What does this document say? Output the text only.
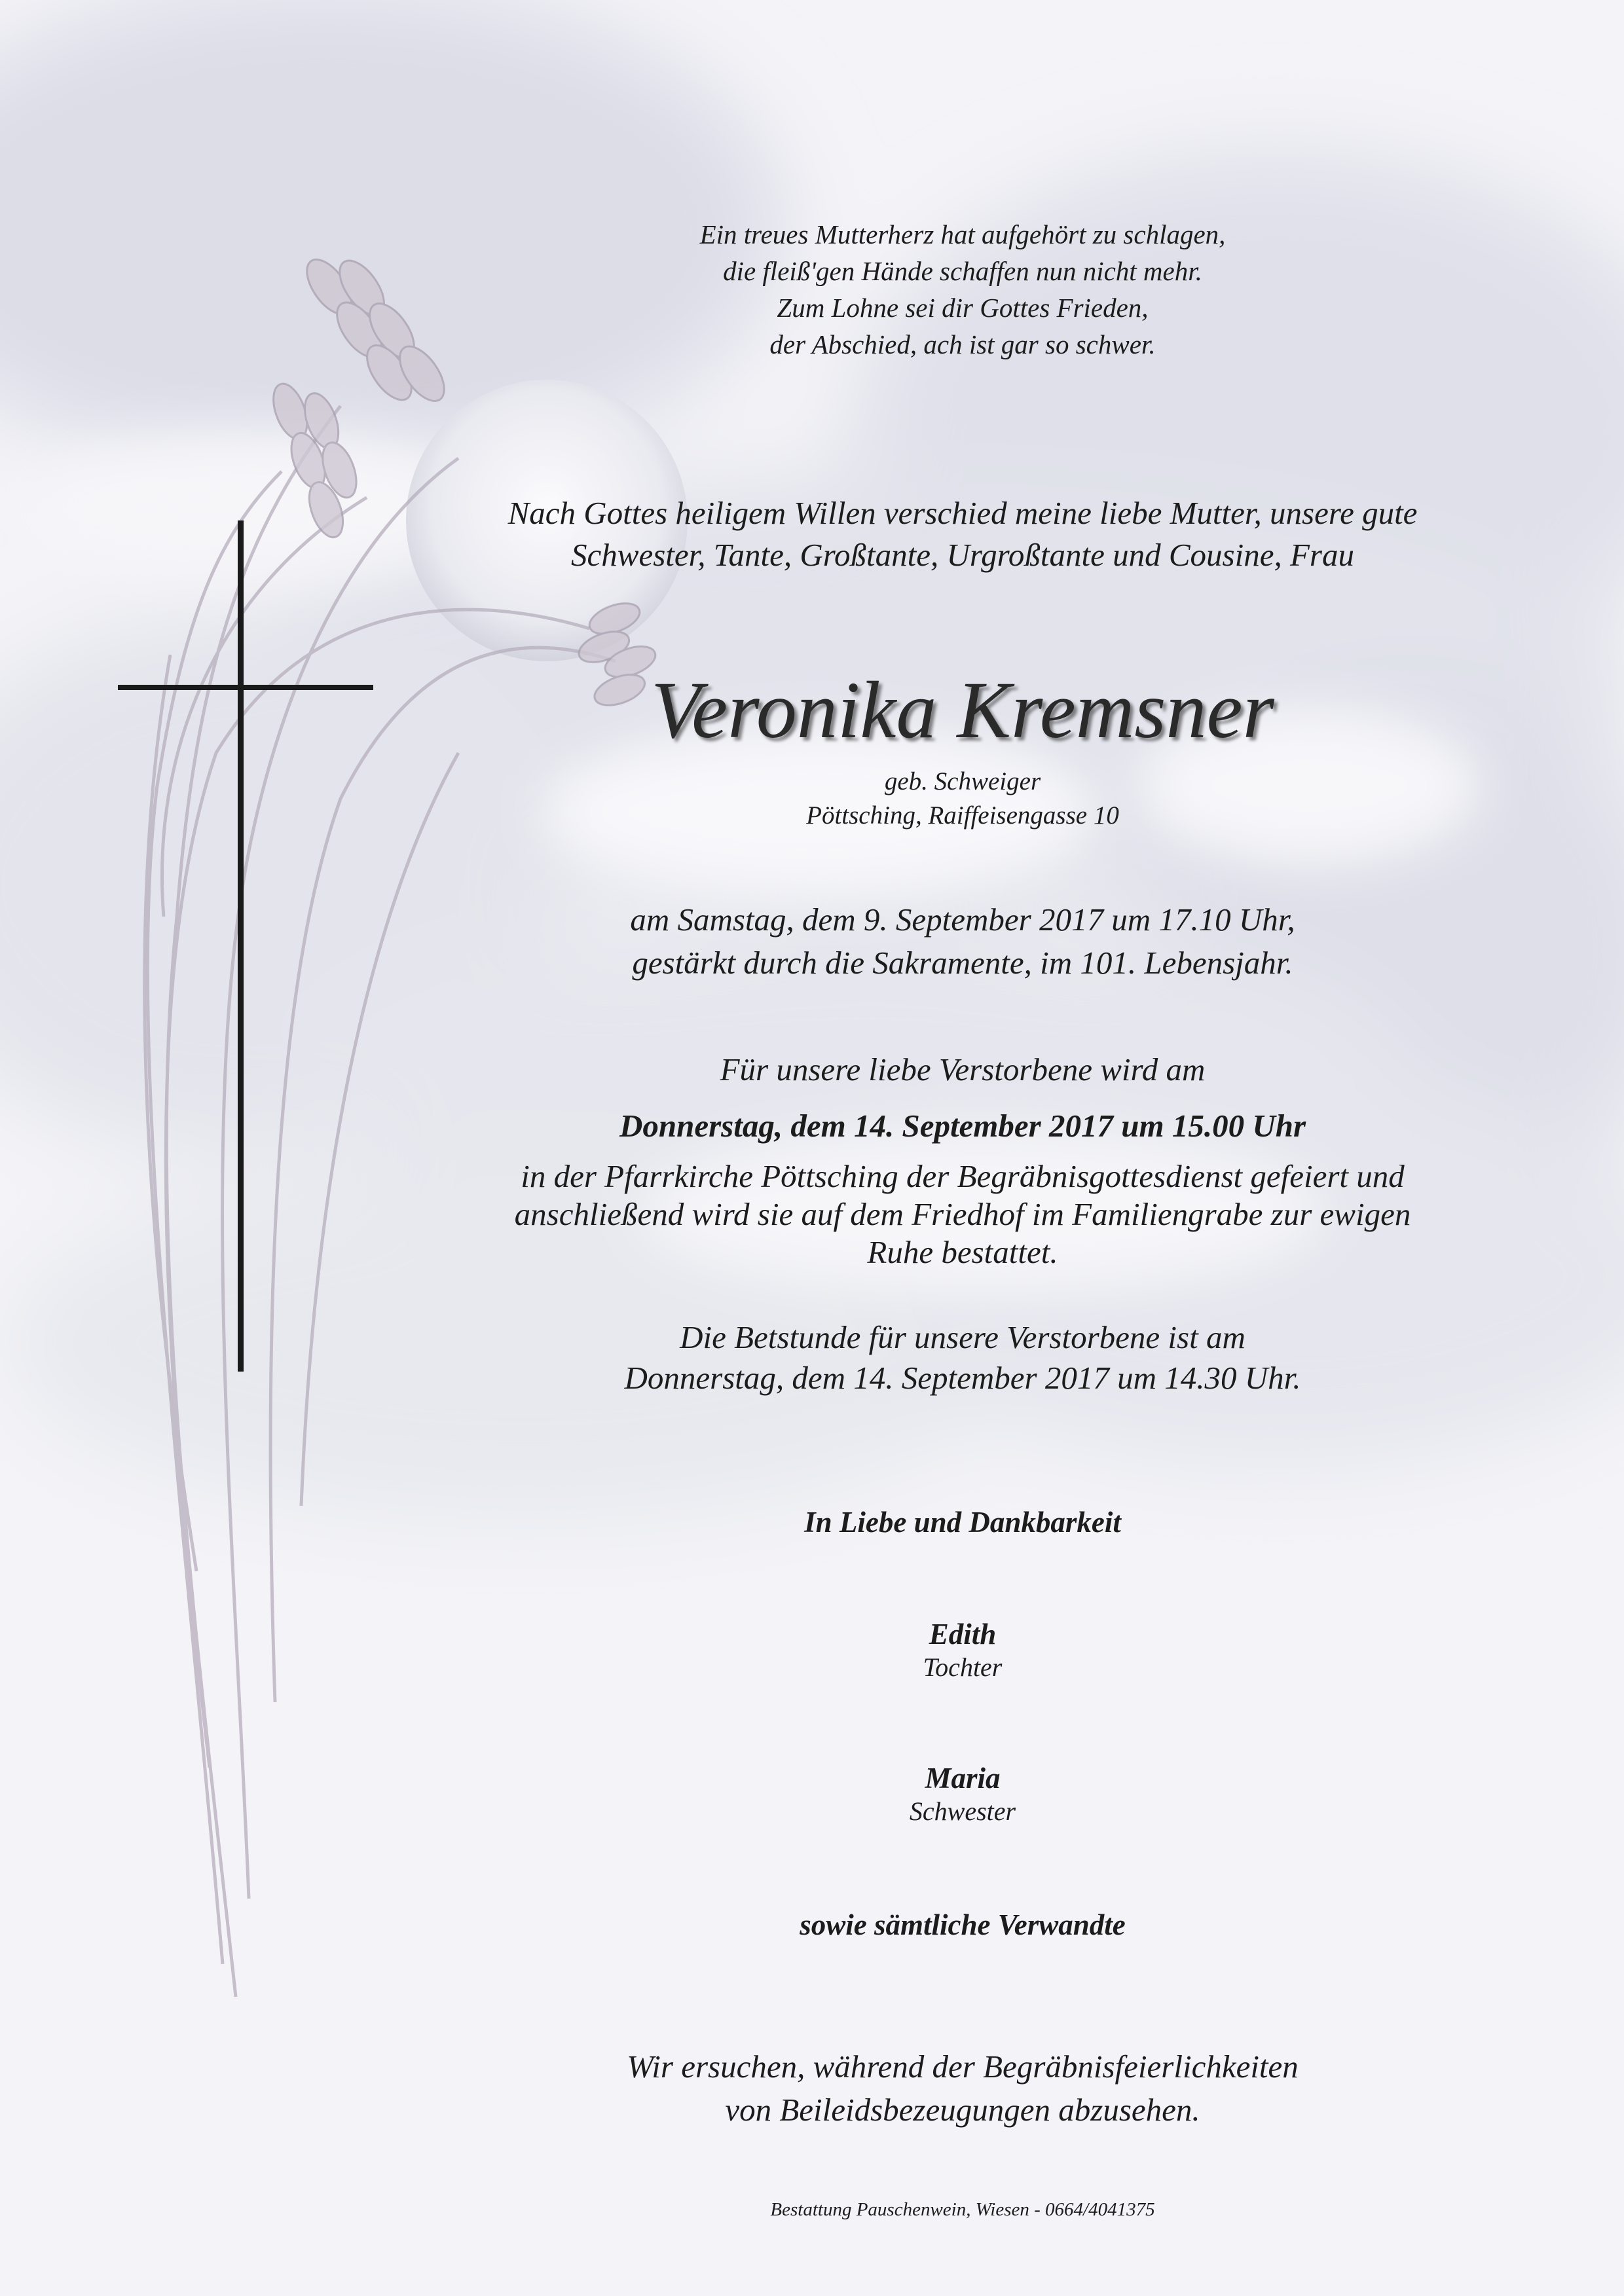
Ein treues Mutterherz hat aufgehört zu schlagen,
die fleiß'gen Hände schaffen nun nicht mehr.
Zum Lohne sei dir Gottes Frieden,
der Abschied, ach ist gar so schwer.
Nach Gottes heiligem Willen verschied meine liebe Mutter, unsere gute
Schwester, Tante, Großtante, Urgroßtante und Cousine, Frau
Veronika Kremsner
geb. Schweiger
Pöttsching, Raiffeisengasse 10
am Samstag, dem 9. September 2017 um 17.10 Uhr,
gestärkt durch die Sakramente, im 101. Lebensjahr.
Für unsere liebe Verstorbene wird am
Donnerstag, dem 14. September 2017 um 15.00 Uhr
in der Pfarrkirche Pöttsching der Begräbnisgottesdienst gefeiert und
anschließend wird sie auf dem Friedhof im Familiengrabe zur ewigen
Ruhe bestattet.
Die Betstunde für unsere Verstorbene ist am
Donnerstag, dem 14. September 2017 um 14.30 Uhr.
In Liebe und Dankbarkeit
Edith
Tochter
Maria
Schwester
sowie sämtliche Verwandte
Wir ersuchen, während der Begräbnisfeierlichkeiten
von Beileidsbezeugungen abzusehen.
Bestattung Pauschenwein, Wiesen - 0664/4041375
